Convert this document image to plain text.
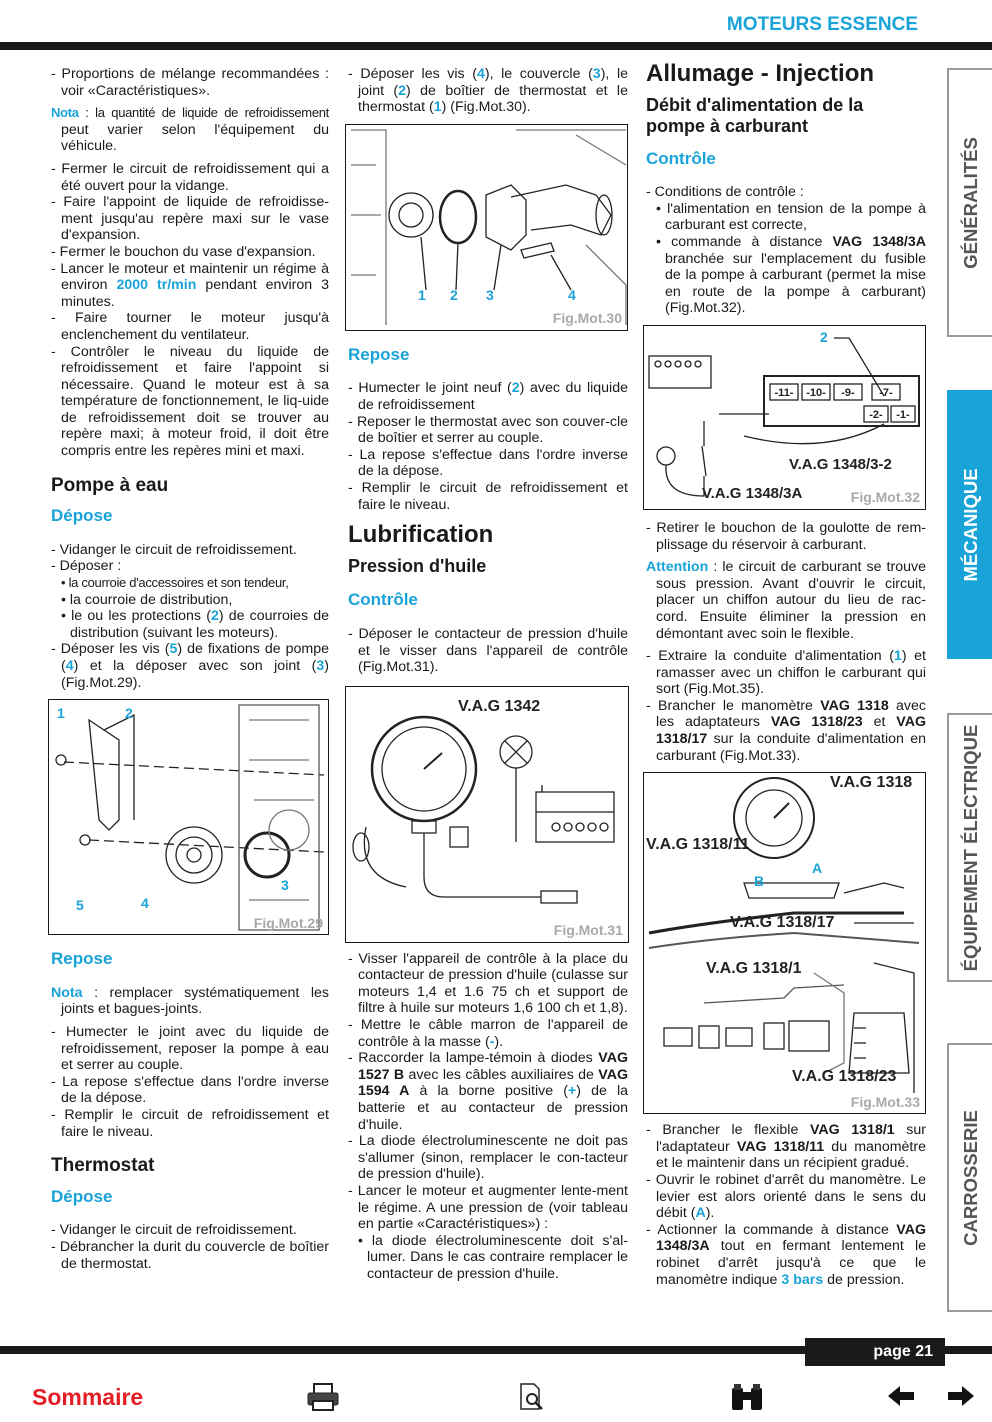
MOTEURS ESSENCE

- Proportions de mélange recommandées : voir «Caractéristiques».

Nota : la quantité de liquide de refroidissement peut varier selon l'équipement du véhicule.

- Fermer le circuit de refroidissement qui a été ouvert pour la vidange.

- Faire l'appoint de liquide de refroidisse-ment jusqu'au repère maxi sur le vase d'expansion.

- Fermer le bouchon du vase d'expansion.

- Lancer le moteur et maintenir un régime à environ 2000 tr/min pendant environ 3 minutes.

- Faire tourner le moteur jusqu'à enclenchement du ventilateur.

- Contrôler le niveau du liquide de refroidissement et faire l'appoint si nécessaire. Quand le moteur est à sa température de fonctionnement, le liq-uide de refroidissement doit se trouver au repère maxi; à moteur froid, il doit être compris entre les repères mini et maxi.

Pompe à eau

Dépose

- Vidanger le circuit de refroidissement.

- Déposer :

• la courroie d'accessoires et son tendeur,

• la courroie de distribution,

• le ou les protections (2) de courroies de distribution (suivant les moteurs).

- Déposer les vis (5) de fixations de pompe (4) et la déposer avec son joint (3) (Fig.Mot.29).

1	2
3
4
5
Fig.Mot.29

Repose

Nota : remplacer systématiquement les joints et bagues-joints.

- Humecter le joint avec du liquide de refroidissement, reposer la pompe à eau et serrer au couple.

- La repose s'effectue dans l'ordre inverse de la dépose.

- Remplir le circuit de refroidissement et faire le niveau.

Thermostat

Dépose

- Vidanger le circuit de refroidissement.

- Débrancher la durit du couvercle de boîtier de thermostat.

- Déposer les vis (4), le couvercle (3), le joint (2) de boîtier de thermostat et le thermostat (1) (Fig.Mot.30).

1 2 3	4
Fig.Mot.30

Repose

- Humecter le joint neuf (2) avec du liquide de refroidissement

- Reposer le thermostat avec son couver-cle de boîtier et serrer au couple.

- La repose s'effectue dans l'ordre inverse de la dépose.

- Remplir le circuit de refroidissement et faire le niveau.

Lubrification

Pression d'huile

Contrôle

- Déposer le contacteur de pression d'huile et le visser dans l'appareil de contrôle (Fig.Mot.31).

V.A.G 1342
Fig.Mot.31

- Visser l'appareil de contrôle à la place du contacteur de pression d'huile (culasse sur moteurs 1,4 et 1.6 75 ch et support de filtre à huile sur moteurs 1,6 100 ch et 1,8).

- Mettre le câble marron de l'appareil de contrôle à la masse (-).

- Raccorder la lampe-témoin à diodes VAG 1527 B avec les câbles auxiliaires de VAG 1594 A à la borne positive (+) de la batterie et au contacteur de pression d'huile.

- La diode électroluminescente ne doit pas s'allumer (sinon, remplacer le con-tacteur de pression d'huile).

- Lancer le moteur et augmenter lente-ment le régime. A une pression de (voir tableau en partie «Caractéristiques») :

• la diode électroluminescente doit s'al-lumer. Dans le cas contraire remplacer le contacteur de pression d'huile.

Allumage - Injection

Débit d'alimentation de la pompe à carburant

Contrôle

- Conditions de contrôle :

• l'alimentation en tension de la pompe à carburant est correcte,

• commande à distance VAG 1348/3A branchée sur l'emplacement du fusible de la pompe à carburant (permet la mise en route de la pompe à carburant) (Fig.Mot.32).

-11- -10- -9- -7-
-2- -1-
2
V.A.G 1348/3-2
V.A.G 1348/3A	Fig.Mot.32

- Retirer le bouchon de la goulotte de rem-plissage du réservoir à carburant.

Attention : le circuit de carburant se trouve sous pression. Avant d'ouvrir le circuit, placer un chiffon autour du lieu de rac-cord. Ensuite éliminer la pression en démontant avec soin le flexible.

- Extraire la conduite d'alimentation (1) et ramasser avec un chiffon le carburant qui sort (Fig.Mot.35).

- Brancher le manomètre VAG 1318 avec les adaptateurs VAG 1318/23 et VAG 1318/17 sur la conduite d'alimentation en carburant (Fig.Mot.33).

V.A.G 1318
V.A.G 1318/11
V.A.G 1318/17
V.A.G 1318/1
V.A.G 1318/23
A
B
Fig.Mot.33

- Brancher le flexible VAG 1318/1 sur l'adaptateur VAG 1318/11 du manomètre et le maintenir dans un récipient gradué.

- Ouvrir le robinet d'arrêt du manomètre. Le levier est alors orienté dans le sens du débit (A).

- Actionner la commande à distance VAG 1348/3A tout en fermant lentement le robinet d'arrêt jusqu'à ce que le manomètre indique 3 bars de pression.

GÉNÉRALITÉS
MÉCANIQUE
ÉQUIPEMENT ÉLECTRIQUE
CARROSSERIE
page 21
Sommaire
